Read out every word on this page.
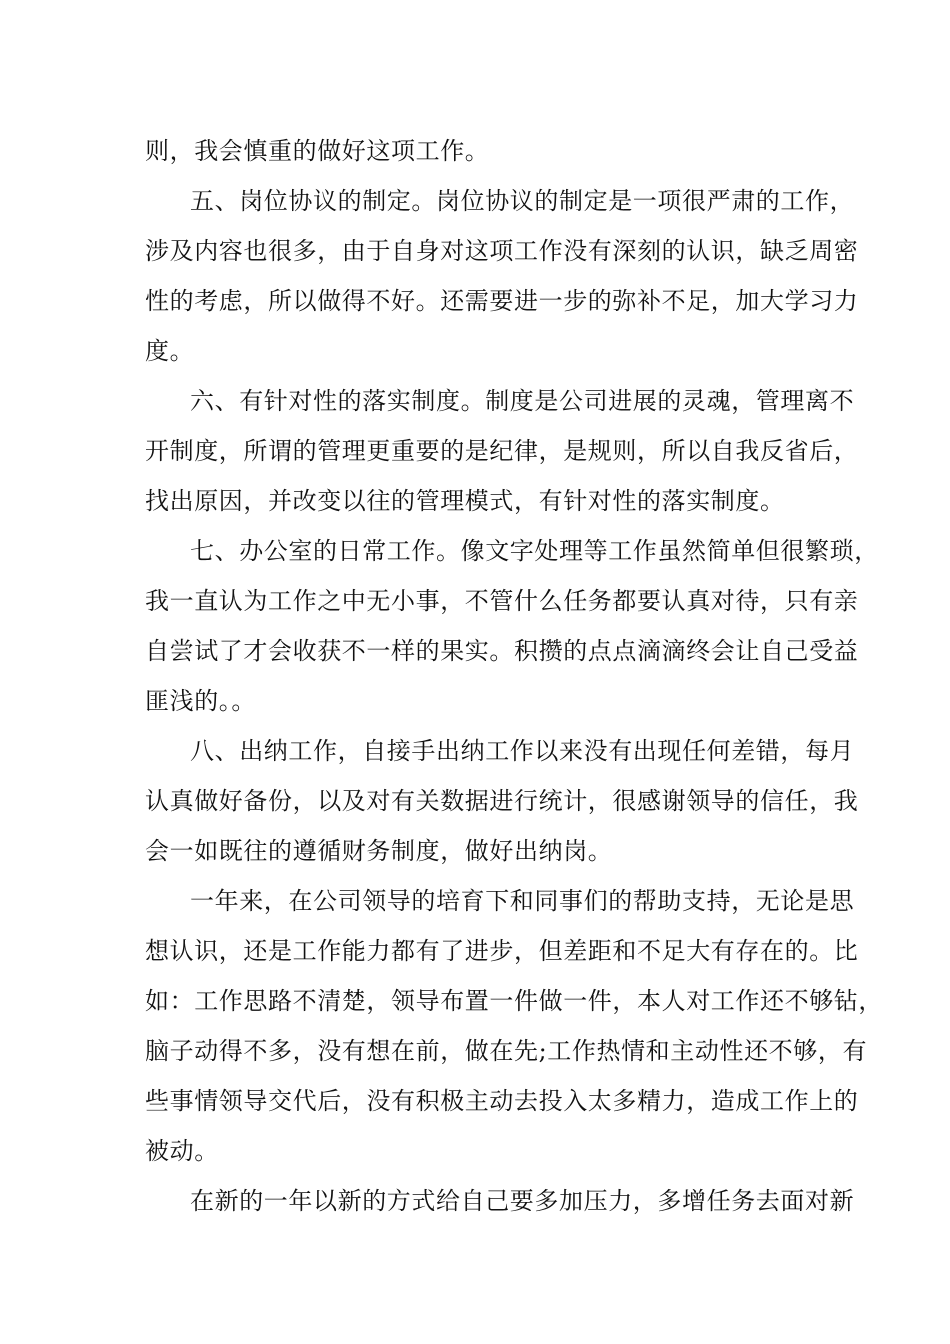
则，我会慎重的做好这项工作。
五、岗位协议的制定。岗位协议的制定是一项很严肃的工作，
涉及内容也很多，由于自身对这项工作没有深刻的认识，缺乏周密
性的考虑，所以做得不好。还需要进一步的弥补不足，加大学习力
度。
六、有针对性的落实制度。制度是公司进展的灵魂，管理离不
开制度，所谓的管理更重要的是纪律，是规则，所以自我反省后，
找出原因，并改变以往的管理模式，有针对性的落实制度。
七、办公室的日常工作。像文字处理等工作虽然简单但很繁琐，
我一直认为工作之中无小事，不管什么任务都要认真对待，只有亲
自尝试了才会收获不一样的果实。积攒的点点滴滴终会让自己受益
匪浅的。。
八、出纳工作，自接手出纳工作以来没有出现任何差错，每月
认真做好备份，以及对有关数据进行统计，很感谢领导的信任，我
会一如既往的遵循财务制度，做好出纳岗。
一年来，在公司领导的培育下和同事们的帮助支持，无论是思
想认识，还是工作能力都有了进步，但差距和不足大有存在的。比
如：工作思路不清楚，领导布置一件做一件，本人对工作还不够钻，
脑子动得不多，没有想在前，做在先;工作热情和主动性还不够，有
些事情领导交代后，没有积极主动去投入太多精力，造成工作上的
被动。
在新的一年以新的方式给自己要多加压力，多增任务去面对新
